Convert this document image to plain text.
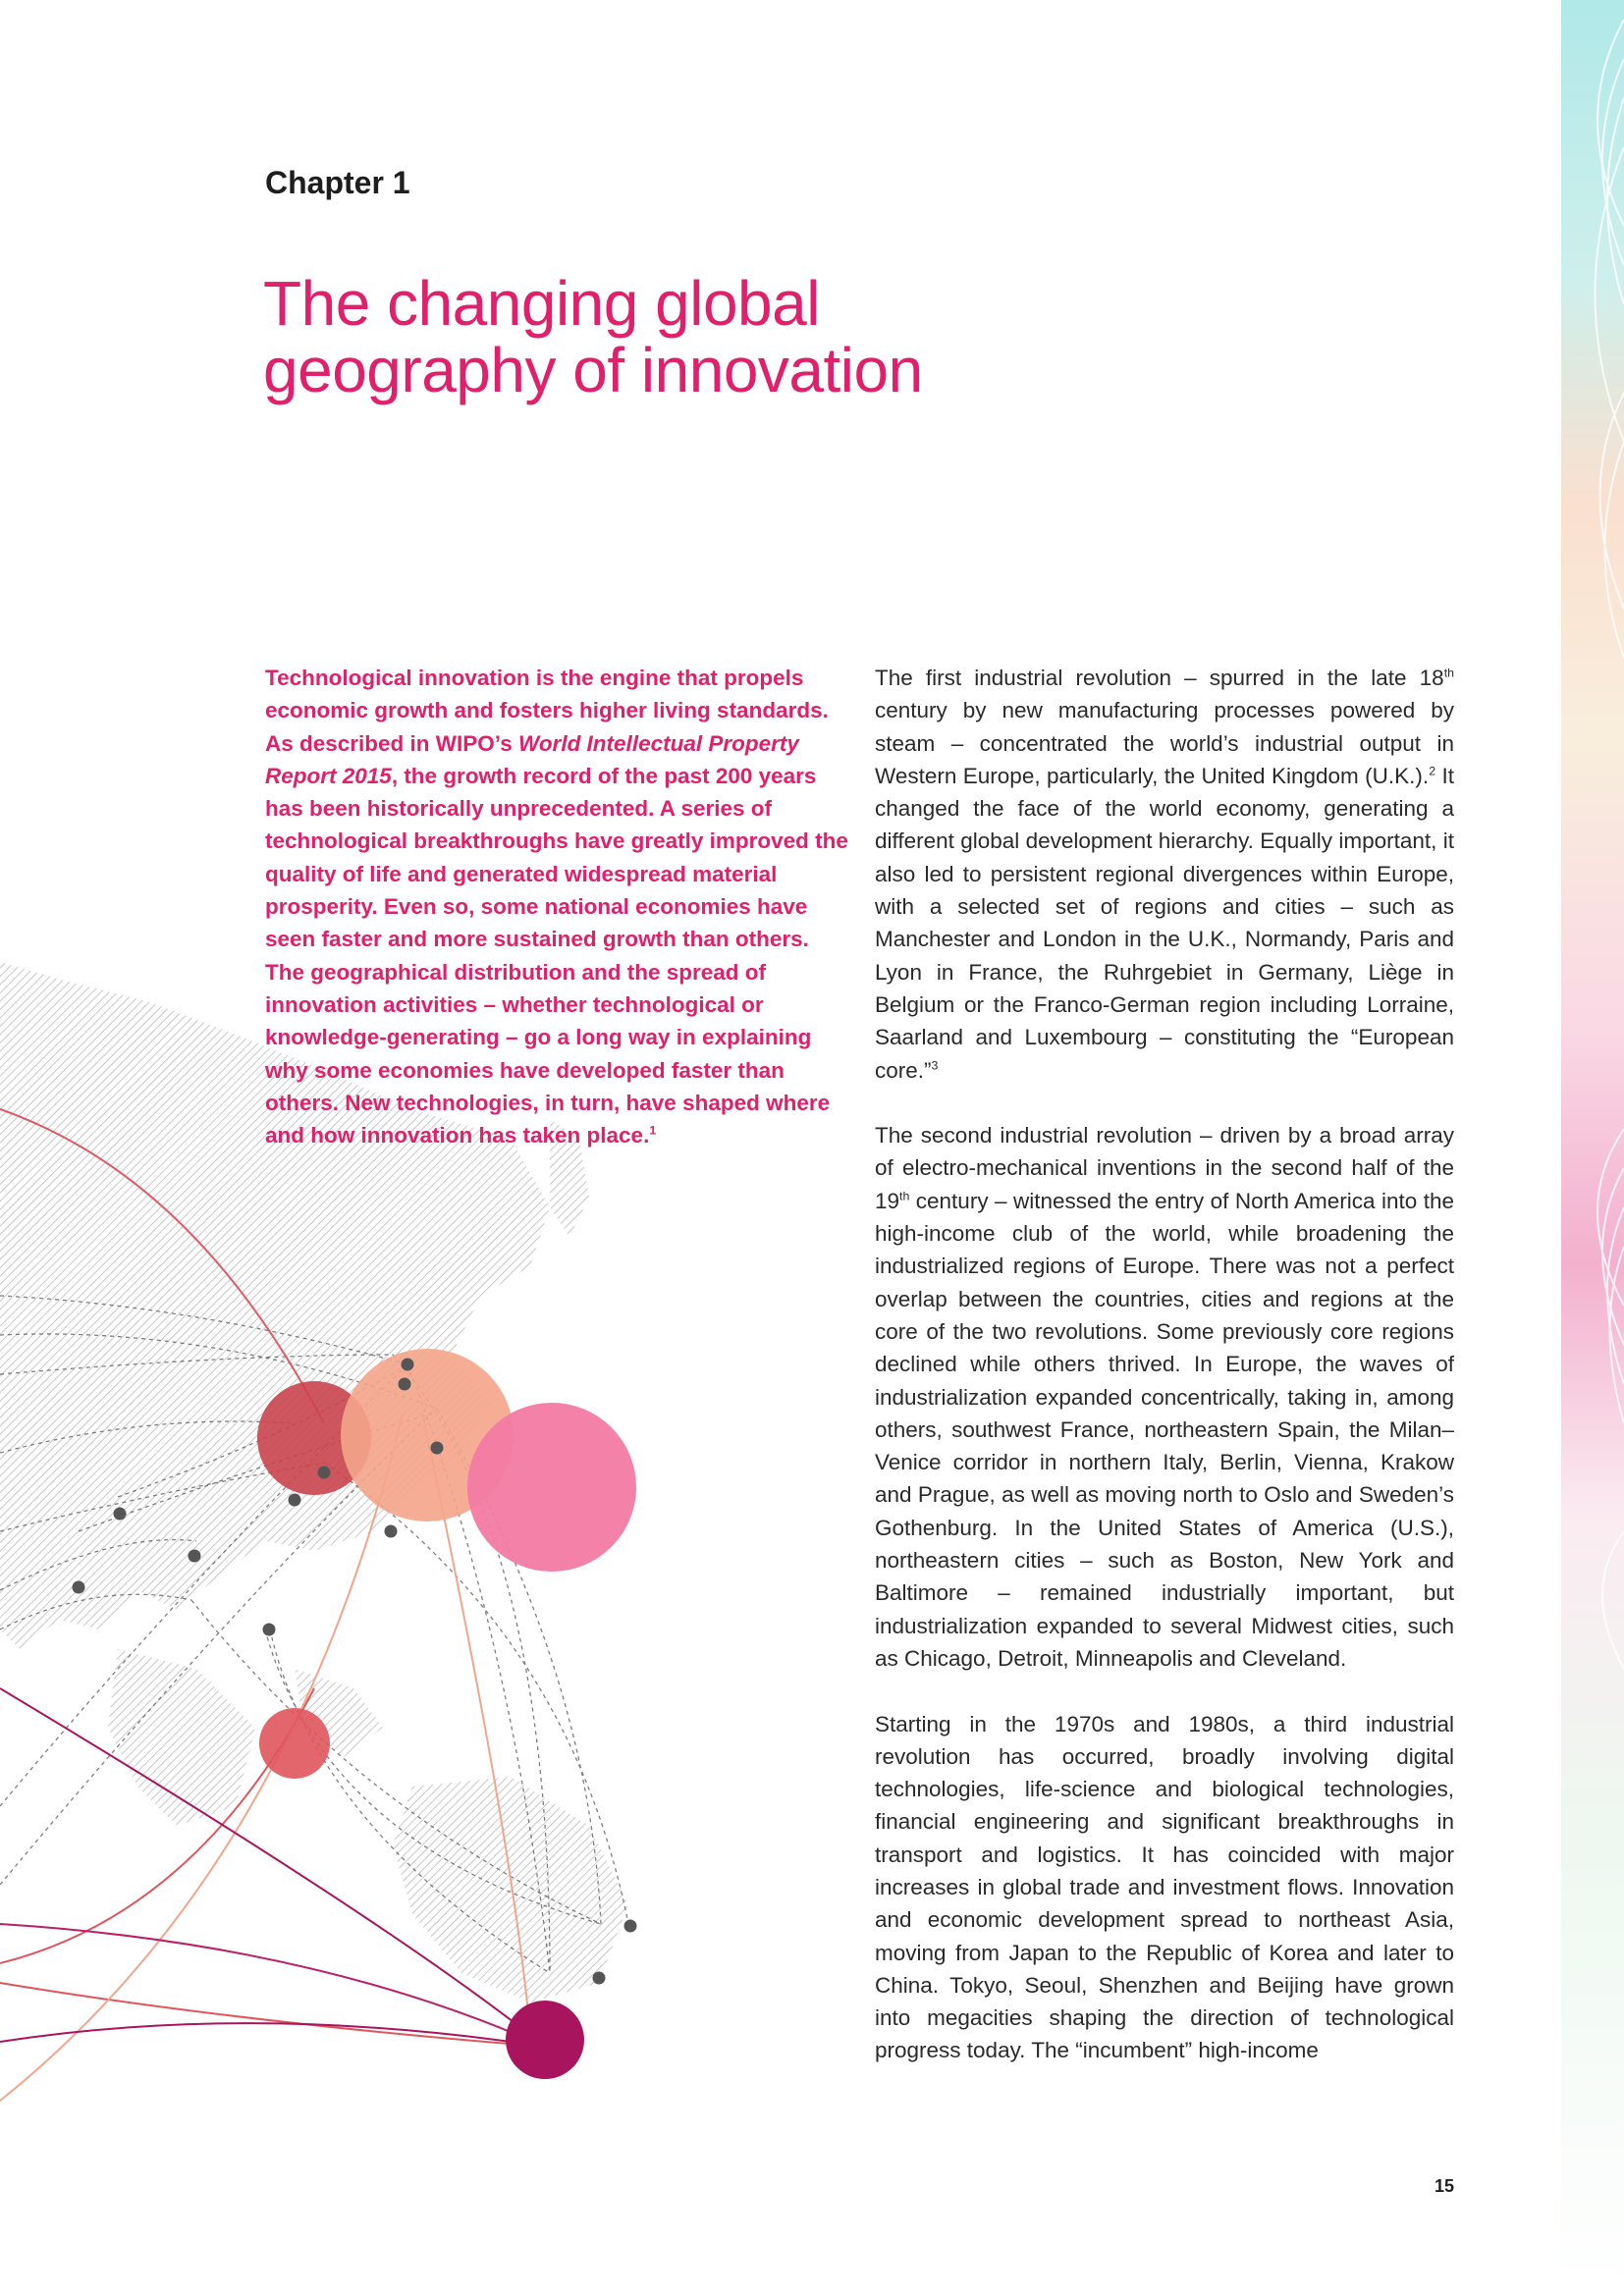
Chapter 1
The changing global
geography of innovation

Technological innovation is the engine that propels economic growth and fosters higher living standards. As described in WIPO’s World Intellectual Property Report 2015, the growth record of the past 200 years has been historically unprecedented. A series of technological breakthroughs have greatly improved the quality of life and generated widespread material prosperity. Even so, some national economies have seen faster and more sustained growth than others. The geographical distribution and the spread of innovation activities – whether technological or knowledge-generating – go a long way in explaining why some economies have developed faster than others. New technologies, in turn, have shaped where and how innovation has taken place.$^1$

The first industrial revolution – spurred in the late 18th century by new manufacturing processes powered by steam – concentrated the world’s industrial output in Western Europe, particularly, the United Kingdom (U.K.).$^2$ It changed the face of the world economy, generating a different global development hierarchy. Equally important, it also led to persistent regional divergences within Europe, with a selected set of regions and cities – such as Manchester and London in the U.K., Normandy, Paris and Lyon in France, the Ruhrgebiet in Germany, Liège in Belgium or the Franco-German region including Lorraine, Saarland and Luxembourg – constituting the “European core.”$^3$

The second industrial revolution – driven by a broad array of electro-mechanical inventions in the second half of the 19th century – witnessed the entry of North America into the high-income club of the world, while broadening the industrialized regions of Europe. There was not a perfect overlap between the countries, cities and regions at the core of the two revolutions. Some previously core regions declined while others thrived. In Europe, the waves of industrialization expanded concentrically, taking in, among others, southwest France, northeastern Spain, the Milan–Venice corridor in northern Italy, Berlin, Vienna, Krakow and Prague, as well as moving north to Oslo and Sweden’s Gothenburg. In the United States of America (U.S.), northeastern cities – such as Boston, New York and Baltimore – remained industrially important, but industrialization expanded to several Midwest cities, such as Chicago, Detroit, Minneapolis and Cleveland.

Starting in the 1970s and 1980s, a third industrial revolution has occurred, broadly involving digital technologies, life-science and biological technologies, financial engineering and significant breakthroughs in transport and logistics. It has coincided with major increases in global trade and investment flows. Innovation and economic development spread to northeast Asia, moving from Japan to the Republic of Korea and later to China. Tokyo, Seoul, Shenzhen and Beijing have grown into megacities shaping the direction of technological progress today. The “incumbent” high-income

15
